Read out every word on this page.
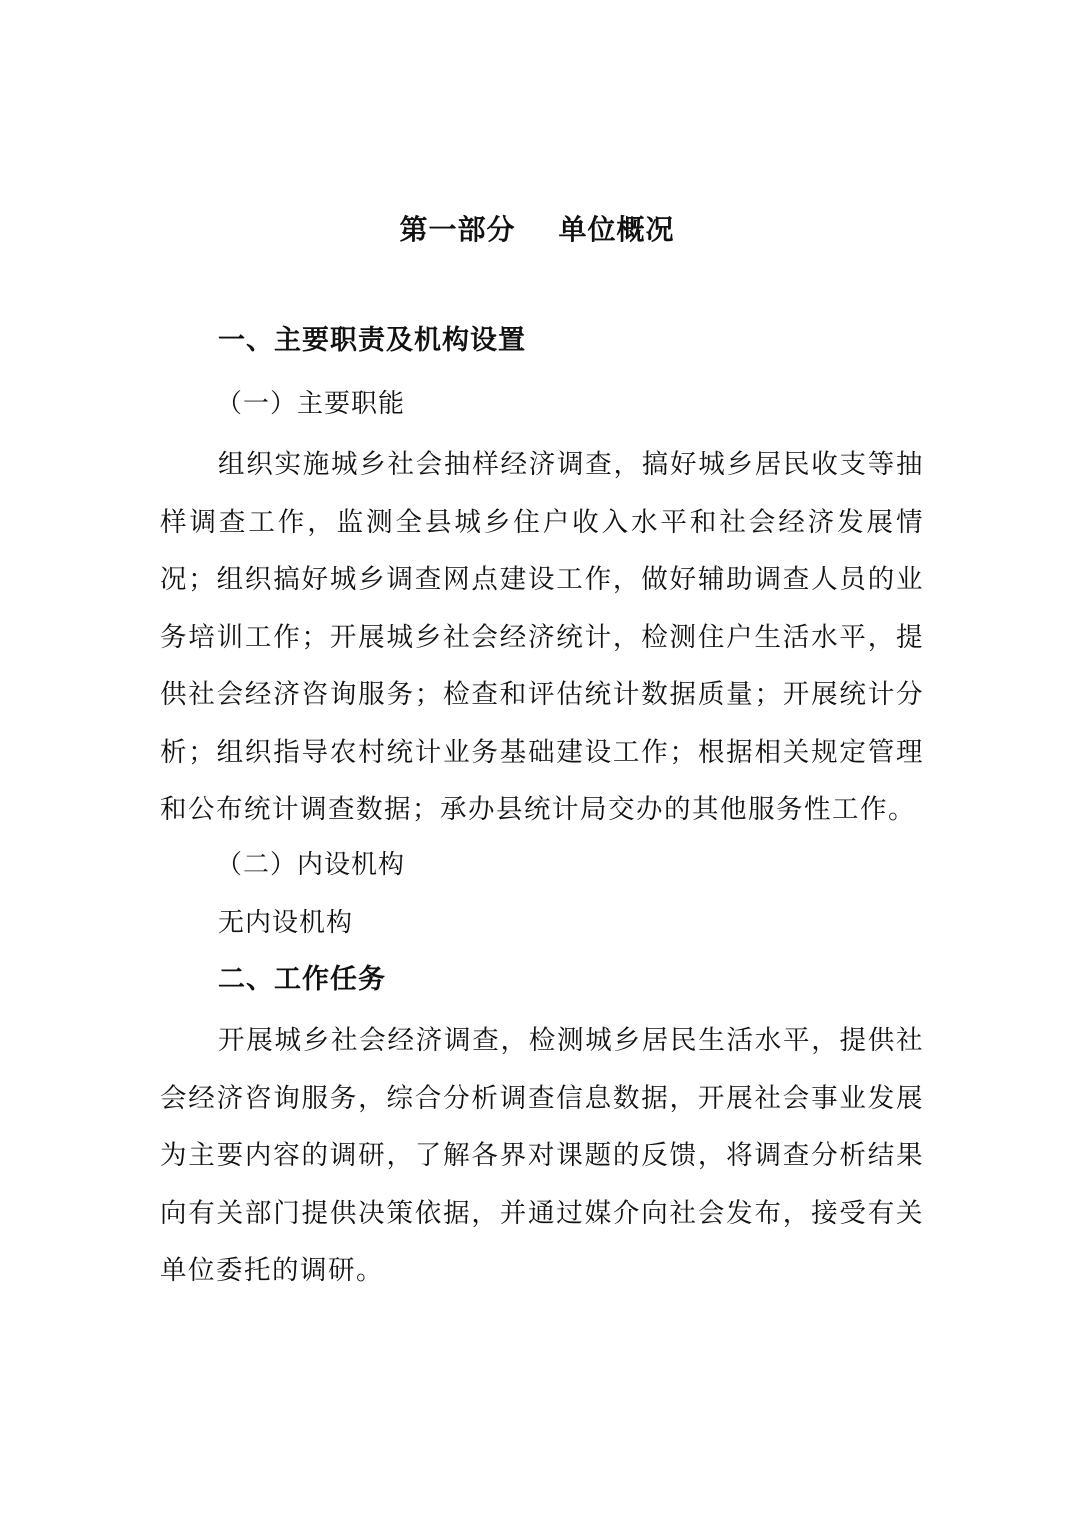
第一部分    单位概况
一、主要职责及机构设置
（一）主要职能

组织实施城乡社会抽样经济调查，搞好城乡居民收支等抽样调查工作，监测全县城乡住户收入水平和社会经济发展情况；组织搞好城乡调查网点建设工作，做好辅助调查人员的业务培训工作；开展城乡社会经济统计，检测住户生活水平，提供社会经济咨询服务；检查和评估统计数据质量；开展统计分析；组织指导农村统计业务基础建设工作；根据相关规定管理和公布统计调查数据；承办县统计局交办的其他服务性工作。

（二）内设机构
无内设机构
二、工作任务

开展城乡社会经济调查，检测城乡居民生活水平，提供社会经济咨询服务，综合分析调查信息数据，开展社会事业发展为主要内容的调研，了解各界对课题的反馈，将调查分析结果向有关部门提供决策依据，并通过媒介向社会发布，接受有关单位委托的调研。
